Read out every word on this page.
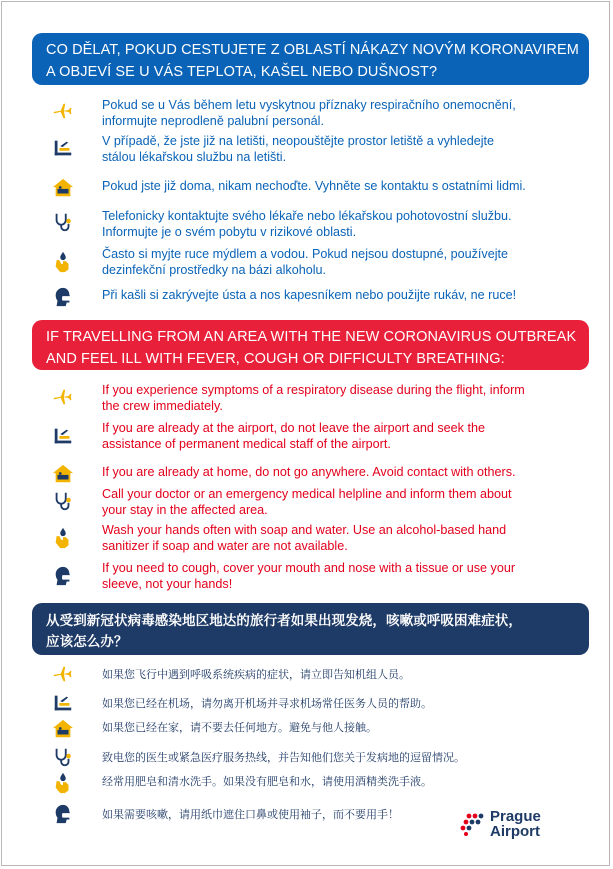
CO DĚLAT, POKUD CESTUJETE Z OBLASTÍ NÁKAZY NOVÝM KORONAVIREM
A OBJEVÍ SE U VÁS TEPLOTA, KAŠEL NEBO DUŠNOST?
Pokud se u Vás během letu vyskytnou příznaky respiračního onemocnění,
informujte neprodleně palubní personál.
V případě, že jste již na letišti, neopouštějte prostor letiště a vyhledejte
stálou lékařskou službu na letišti.
Pokud jste již doma, nikam nechoďte. Vyhněte se kontaktu s ostatními lidmi.
Telefonicky kontaktujte svého lékaře nebo lékařskou pohotovostní službu.
Informujte je o svém pobytu v rizikové oblasti.
Často si myjte ruce mýdlem a vodou. Pokud nejsou dostupné, používejte
dezinfekční prostředky na bázi alkoholu.
Při kašli si zakrývejte ústa a nos kapesníkem nebo použijte rukáv, ne ruce!
IF TRAVELLING FROM AN AREA WITH THE NEW CORONAVIRUS OUTBREAK
AND FEEL ILL WITH FEVER, COUGH OR DIFFICULTY BREATHING:
If you experience symptoms of a respiratory disease during the flight, inform
the crew immediately.
If you are already at the airport, do not leave the airport and seek the
assistance of permanent medical staff of the airport.
If you are already at home, do not go anywhere. Avoid contact with others.
Call your doctor or an emergency medical helpline and inform them about
your stay in the affected area.
Wash your hands often with soap and water. Use an alcohol-based hand
sanitizer if soap and water are not available.
If you need to cough, cover your mouth and nose with a tissue or use your
sleeve, not your hands!
从受到新冠状病毒感染地区地达的旅行者如果出现发烧，咳嗽或呼吸困难症状，
应该怎么办？
如果您飞行中遇到呼吸系统疾病的症状，请立即告知机组人员。
如果您已经在机场，请勿离开机场并寻求机场常任医务人员的帮助。
如果您已经在家，请不要去任何地方。避免与他人接触。
致电您的医生或紧急医疗服务热线，并告知他们您关于发病地的逗留情况。
经常用肥皂和清水洗手。如果没有肥皂和水，请使用酒精类洗手液。
如果需要咳嗽，请用纸巾遮住口鼻或使用袖子，而不要用手！	Prague
Airport
